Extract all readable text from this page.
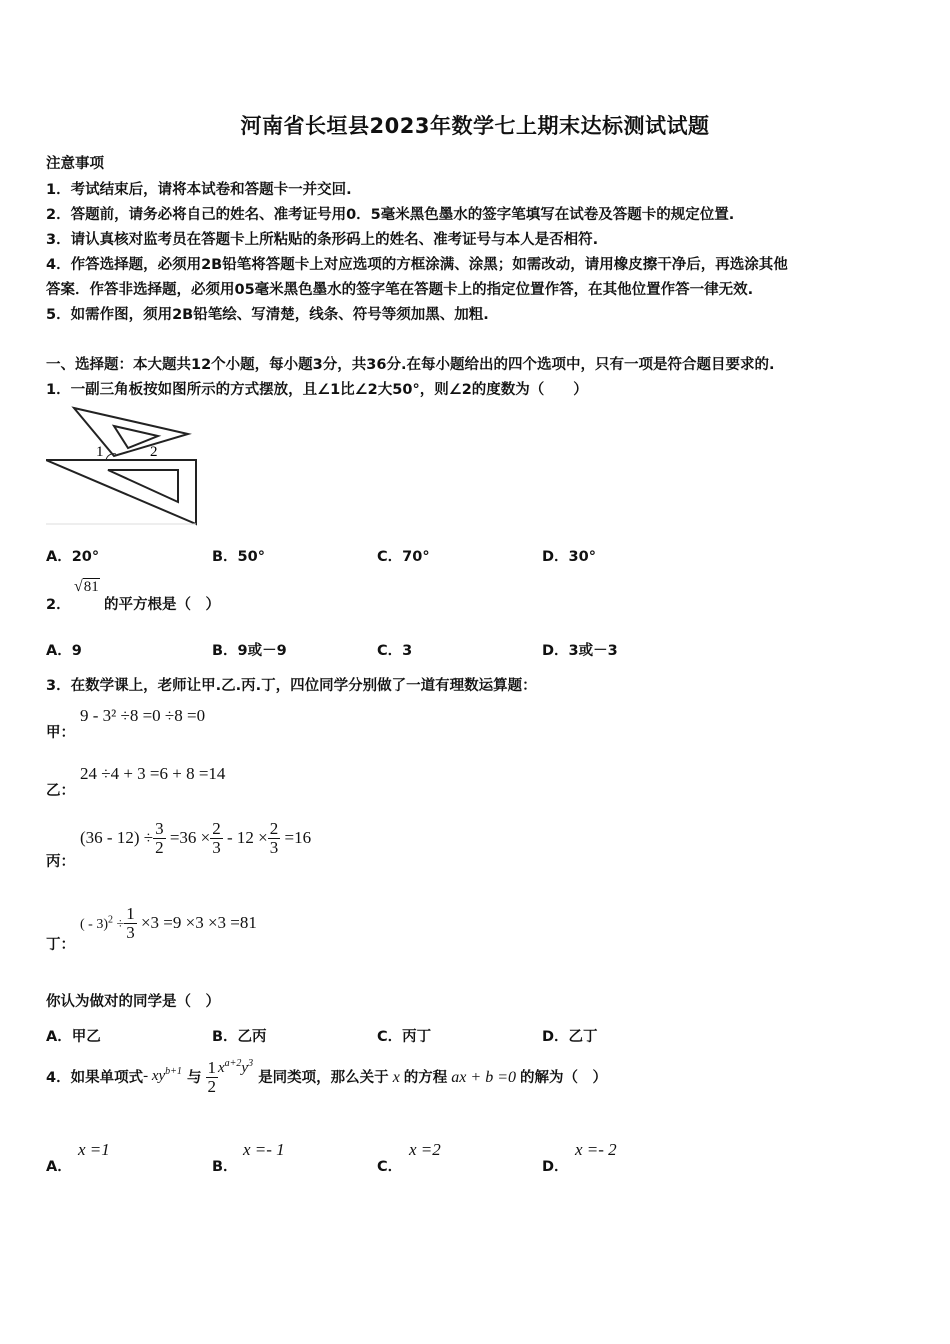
河南省长垣县2023年数学七上期末达标测试试题
注意事项
1．考试结束后，请将本试卷和答题卡一并交回.
2．答题前，请务必将自己的姓名、准考证号用0．5毫米黑色墨水的签字笔填写在试卷及答题卡的规定位置.
3．请认真核对监考员在答题卡上所粘贴的条形码上的姓名、准考证号与本人是否相符.
4．作答选择题，必须用2B铅笔将答题卡上对应选项的方框涂满、涂黑；如需改动，请用橡皮擦干净后，再选涂其他
答案．作答非选择题，必须用05毫米黑色墨水的签字笔在答题卡上的指定位置作答，在其他位置作答一律无效.
5．如需作图，须用2B铅笔绘、写清楚，线条、符号等须加黑、加粗.
一、选择题：本大题共12个小题，每小题3分，共36分.在每小题给出的四个选项中，只有一项是符合题目要求的.
1．一副三角板按如图所示的方式摆放，且∠1比∠2大50°，则∠2的度数为（　　）
1	2
A．20°	B．50°	C．70°	D．30°
2．
√81
的平方根是（　）
A．9	B．9或－9	C．3	D．3或－3
3．在数学课上，老师让甲.乙.丙.丁，四位同学分别做了一道有理数运算题：
甲：
9 - 3² ÷8 =0 ÷8 =0
乙：
24 ÷4 + 3 =6 + 8 =14
丙：
$(36 - 12) \div \frac{3}{2} =36 \times \frac{2}{3} - 12 \times \frac{2}{3} =16$
丁：
( - $3)^2 \div \frac{1}{3} \times 3 =9 \times 3 \times 3 =81$
你认为做对的同学是（　）
A．甲乙	B．乙丙	C．丙丁	D．乙丁
4．如果单项式- $xy^{b+1}$ 与 $\frac{1}{2} x^{a+2}y^3$ 是同类项，那么关于 x 的方程 ax + b =0 的解为（　）
A．
x =1
B．
x =- 1
C．
x =2
D．
x =- 2
